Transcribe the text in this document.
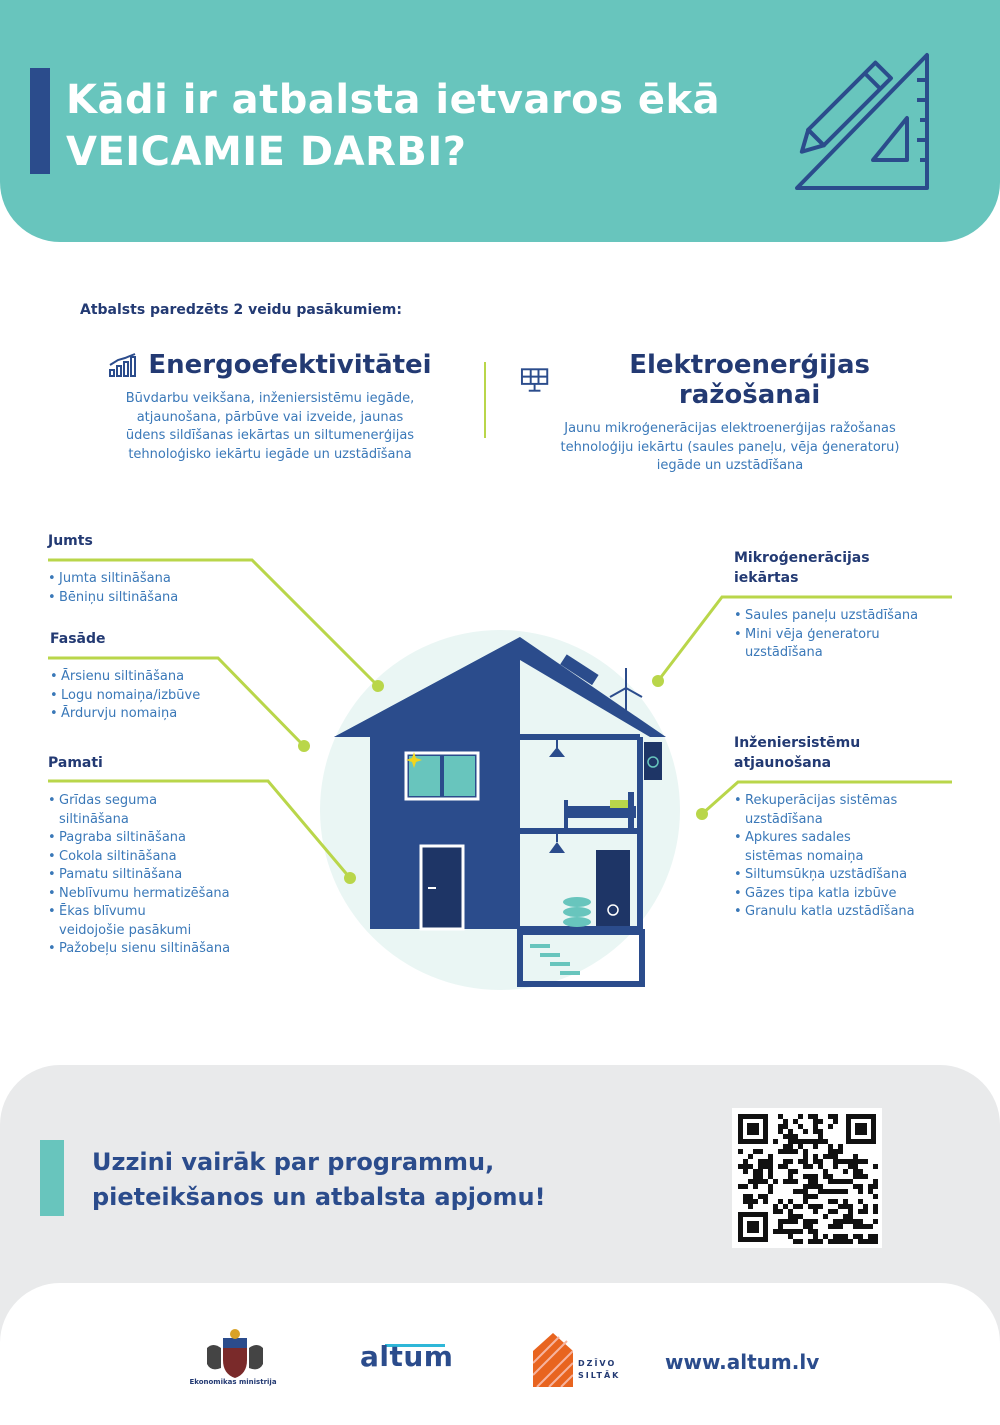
Kādi ir atbalsta ietvaros ēkā
VEICAMIE DARBI?
Atbalsts paredzēts 2 veidu pasākumiem:
Energoefektivitātei
Būvdarbu veikšana, inženiersistēmu iegāde,
atjaunošana, pārbūve vai izveide, jaunas
ūdens sildīšanas iekārtas un siltumenerģijas
tehnoloģisko iekārtu iegāde un uzstādīšana
Elektroenerģijas ražošanai
Jaunu mikroģenerācijas elektroenerģijas ražošanas
tehnoloģiju iekārtu (saules paneļu, vēja ģeneratoru)
iegāde un uzstādīšana
Jumts
• Jumta siltināšana
• Bēniņu siltināšana
Fasāde
• Ārsienu siltināšana
• Logu nomaiņa/izbūve
• Ārdurvju nomaiņa
Pamati
• Grīdas seguma
siltināšana
• Pagraba siltināšana
• Cokola siltināšana
• Pamatu siltināšana
• Neblīvumu hermatizēšana
• Ēkas blīvumu
veidojošie pasākumi
• Pažobeļu sienu siltināšana
Mikroģenerācijas
iekārtas
• Saules paneļu uzstādīšana
• Mini vēja ģeneratoru
uzstādīšana
Inženiersistēmu
atjaunošana
• Rekuperācijas sistēmas
uzstādīšana
• Apkures sadales
sistēmas nomaiņa
• Siltumsūkņa uzstādīšana
• Gāzes tipa katla izbūve
• Granulu katla uzstādīšana
Uzzini vairāk par programmu,
pieteikšanos un atbalsta apjomu!
Ekonomikas ministrija
altum	DZĪVO
SILTĀK
www.altum.lv
